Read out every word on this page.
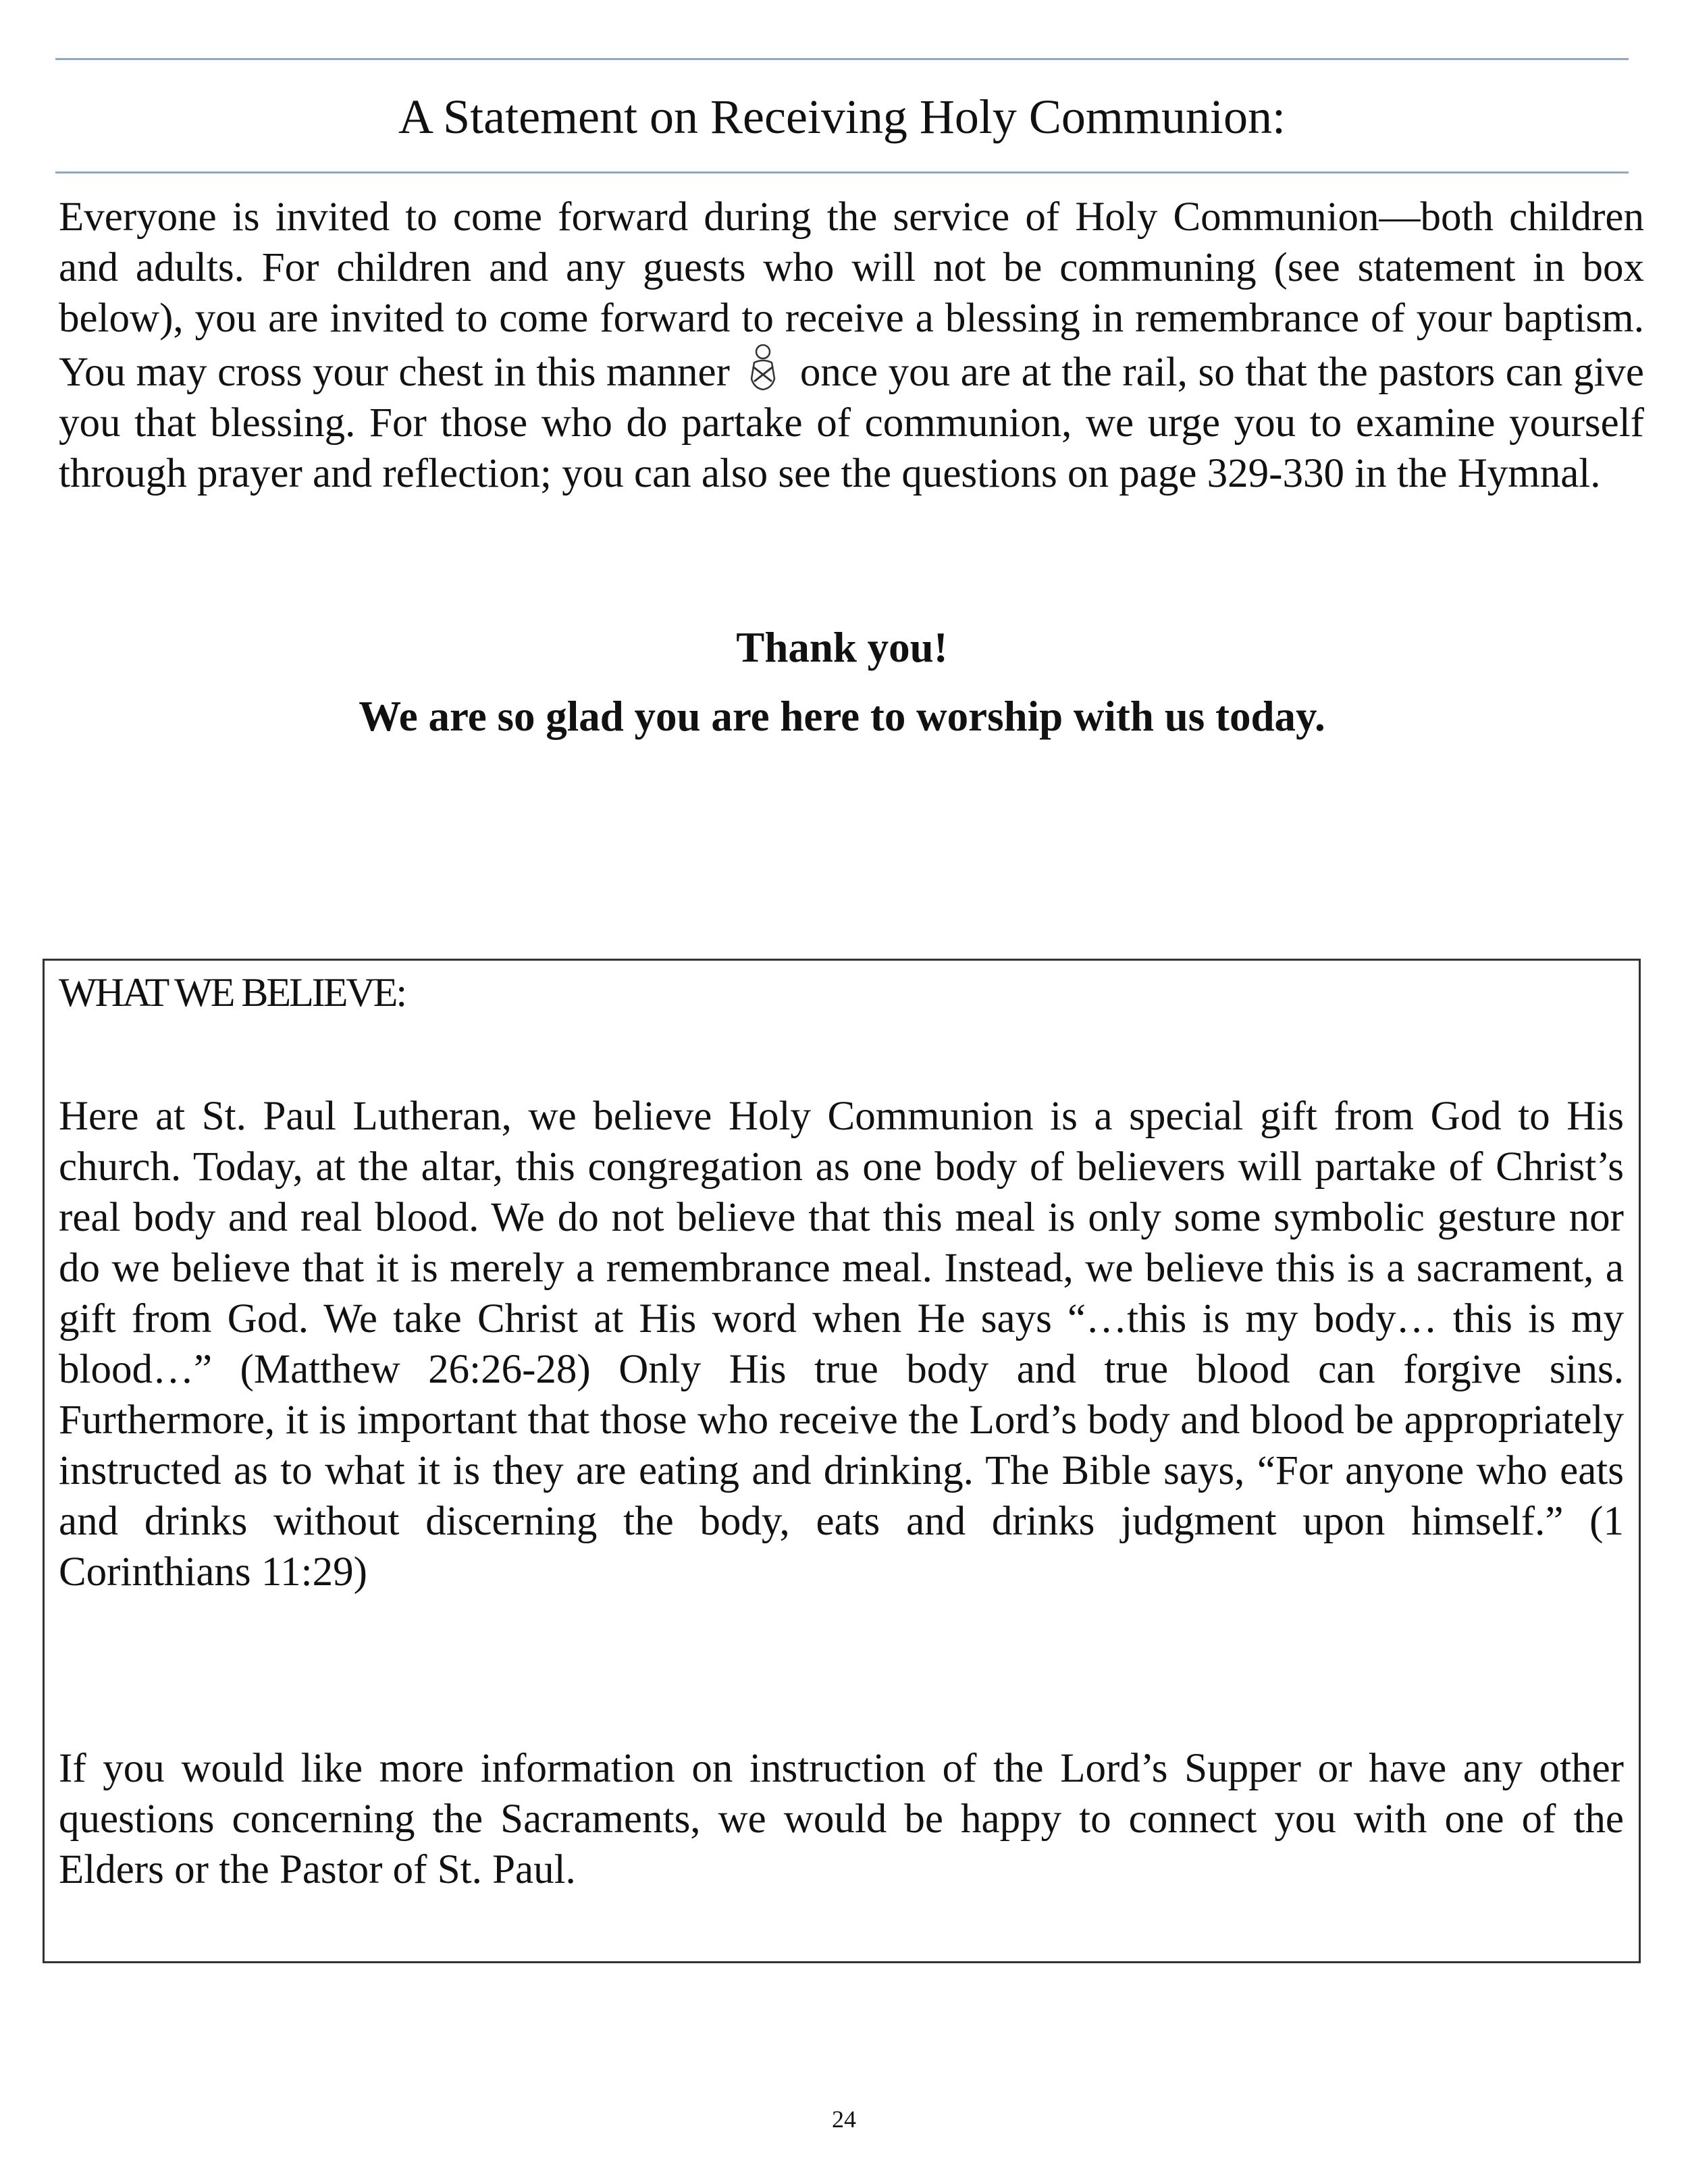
A Statement on Receiving Holy Communion:

Everyone is invited to come forward during the service of Holy Communion—both children and adults. For children and any guests who will not be communing (see statement in box below), you are invited to come forward to receive a blessing in remembrance of your baptism. You may cross your chest in this manner once you are at the rail, so that the pastors can give you that blessing. For those who do partake of communion, we urge you to examine yourself through prayer and reflection; you can also see the questions on page 329-330 in the Hymnal.

Thank you!

We are so glad you are here to worship with us today.

WHAT WE BELIEVE:

Here at St. Paul Lutheran, we believe Holy Communion is a special gift from God to His church. Today, at the altar, this congregation as one body of believers will partake of Christ’s real body and real blood. We do not believe that this meal is only some symbolic gesture nor do we believe that it is merely a remembrance meal. Instead, we believe this is a sacrament, a gift from God. We take Christ at His word when He says “…this is my body… this is my blood…” (Matthew 26:26-28) Only His true body and true blood can forgive sins. Furthermore, it is important that those who receive the Lord’s body and blood be appropriately instructed as to what it is they are eating and drinking. The Bible says, “For anyone who eats and drinks without discerning the body, eats and drinks judgment upon himself.” (1 Corinthians 11:29)

If you would like more information on instruction of the Lord’s Supper or have any other questions concerning the Sacraments, we would be happy to connect you with one of the Elders or the Pastor of St. Paul.

24
